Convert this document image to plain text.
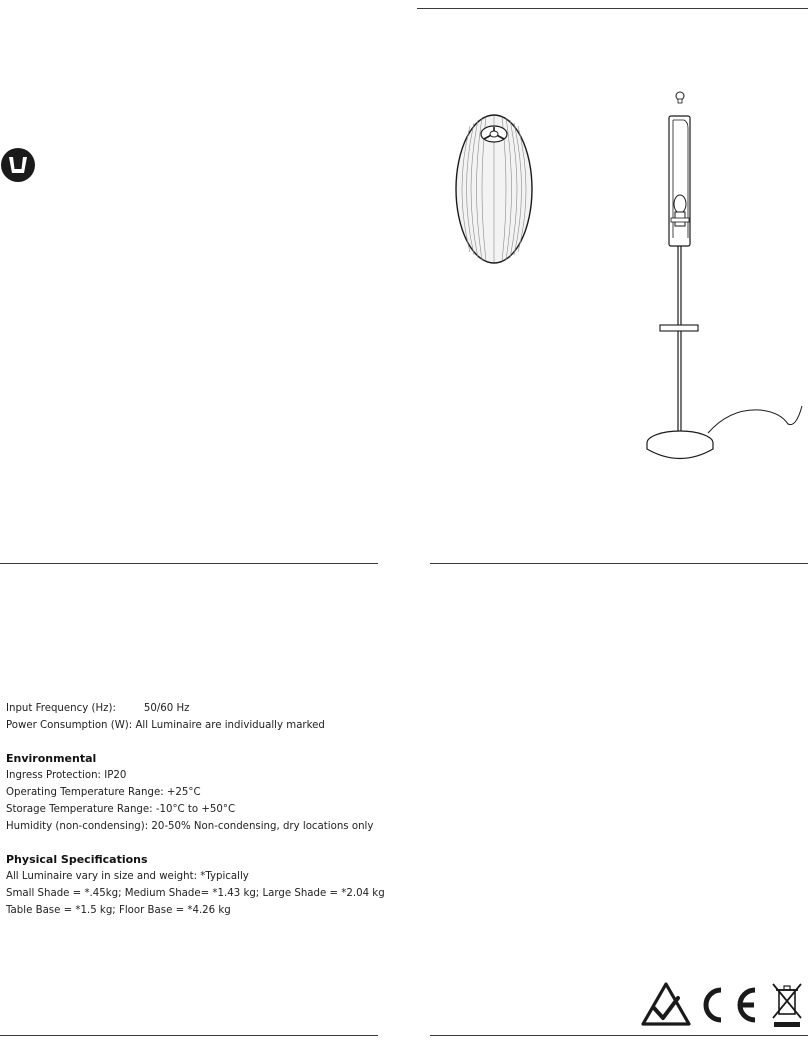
Input Frequency (Hz):	50/60 Hz
Power Consumption (W): All Luminaire are individually marked
Environmental
Ingress Protection: IP20
Operating Temperature Range: +25°C
Storage Temperature Range: -10°C to +50°C
Humidity (non-condensing): 20-50% Non-condensing, dry locations only
Physical Specifications
All Luminaire vary in size and weight: *Typically
Small Shade = *.45kg; Medium Shade= *1.43 kg; Large Shade = *2.04 kg
Table Base = *1.5 kg; Floor Base = *4.26 kg
